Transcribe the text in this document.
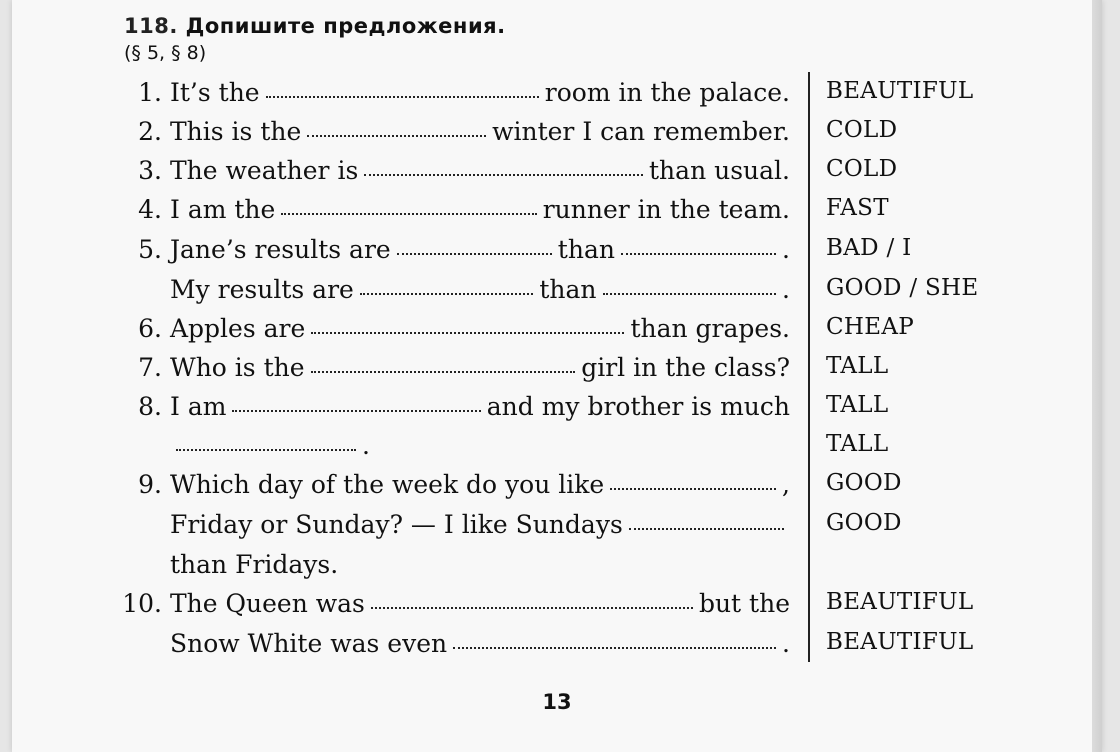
118. Допишите предложения.
(§ 5, § 8)
1. It’s the	room in the palace. BEAUTIFUL
2. This is the	winter I can remember. COLD
3. The weather is	than usual. COLD
4. I am the	runner in the team. FAST
5. Jane’s results are	than	. BAD / I
My results are	than	. GOOD / SHE
6. Apples are	than grapes. CHEAP
7. Who is the	girl in the class? TALL
8. I am	and my brother is much TALL
.	TALL
9. Which day of the week do you like	, GOOD
Friday or Sunday? — I like Sundays	GOOD
than Fridays.
10. The Queen was	but the BEAUTIFUL
Snow White was even	. BEAUTIFUL
13
